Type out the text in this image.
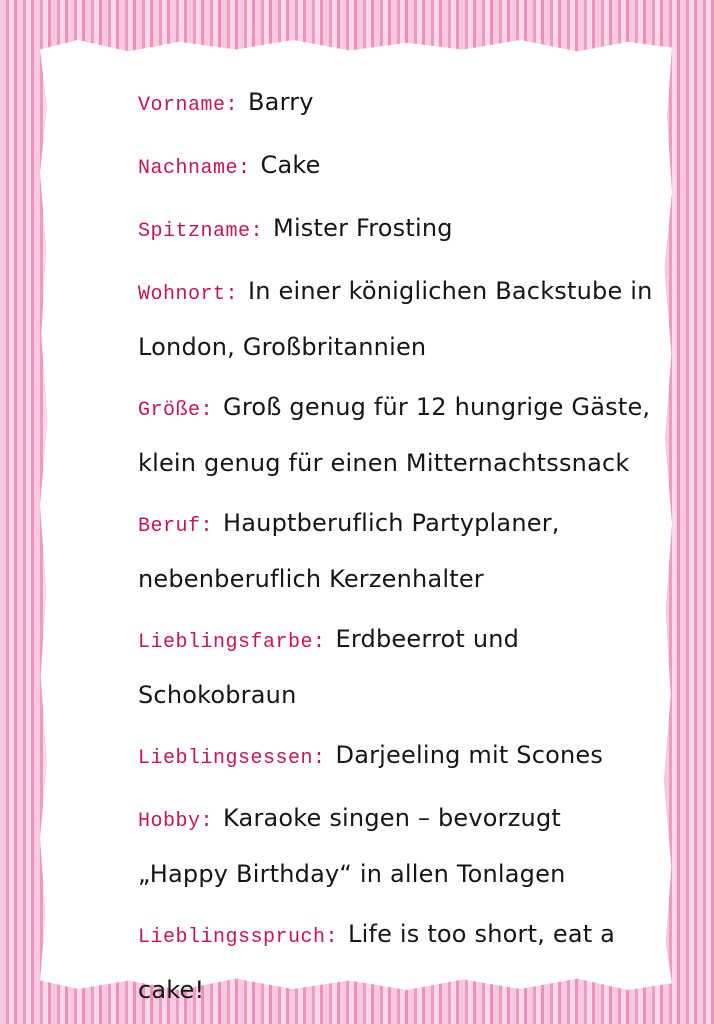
Vorname: Barry
Nachname: Cake
Spitzname: Mister Frosting
Wohnort: In einer königlichen Backstube in London, Großbritannien
Größe: Groß genug für 12 hungrige Gäste, klein genug für einen Mitternachtssnack
Beruf: Hauptberuflich Partyplaner, nebenberuflich Kerzenhalter
Lieblingsfarbe: Erdbeerrot und Schokobraun
Lieblingsessen: Darjeeling mit Scones
Hobby: Karaoke singen – bevorzugt „Happy Birthday“ in allen Tonlagen
Lieblingsspruch: Life is too short, eat a cake!
